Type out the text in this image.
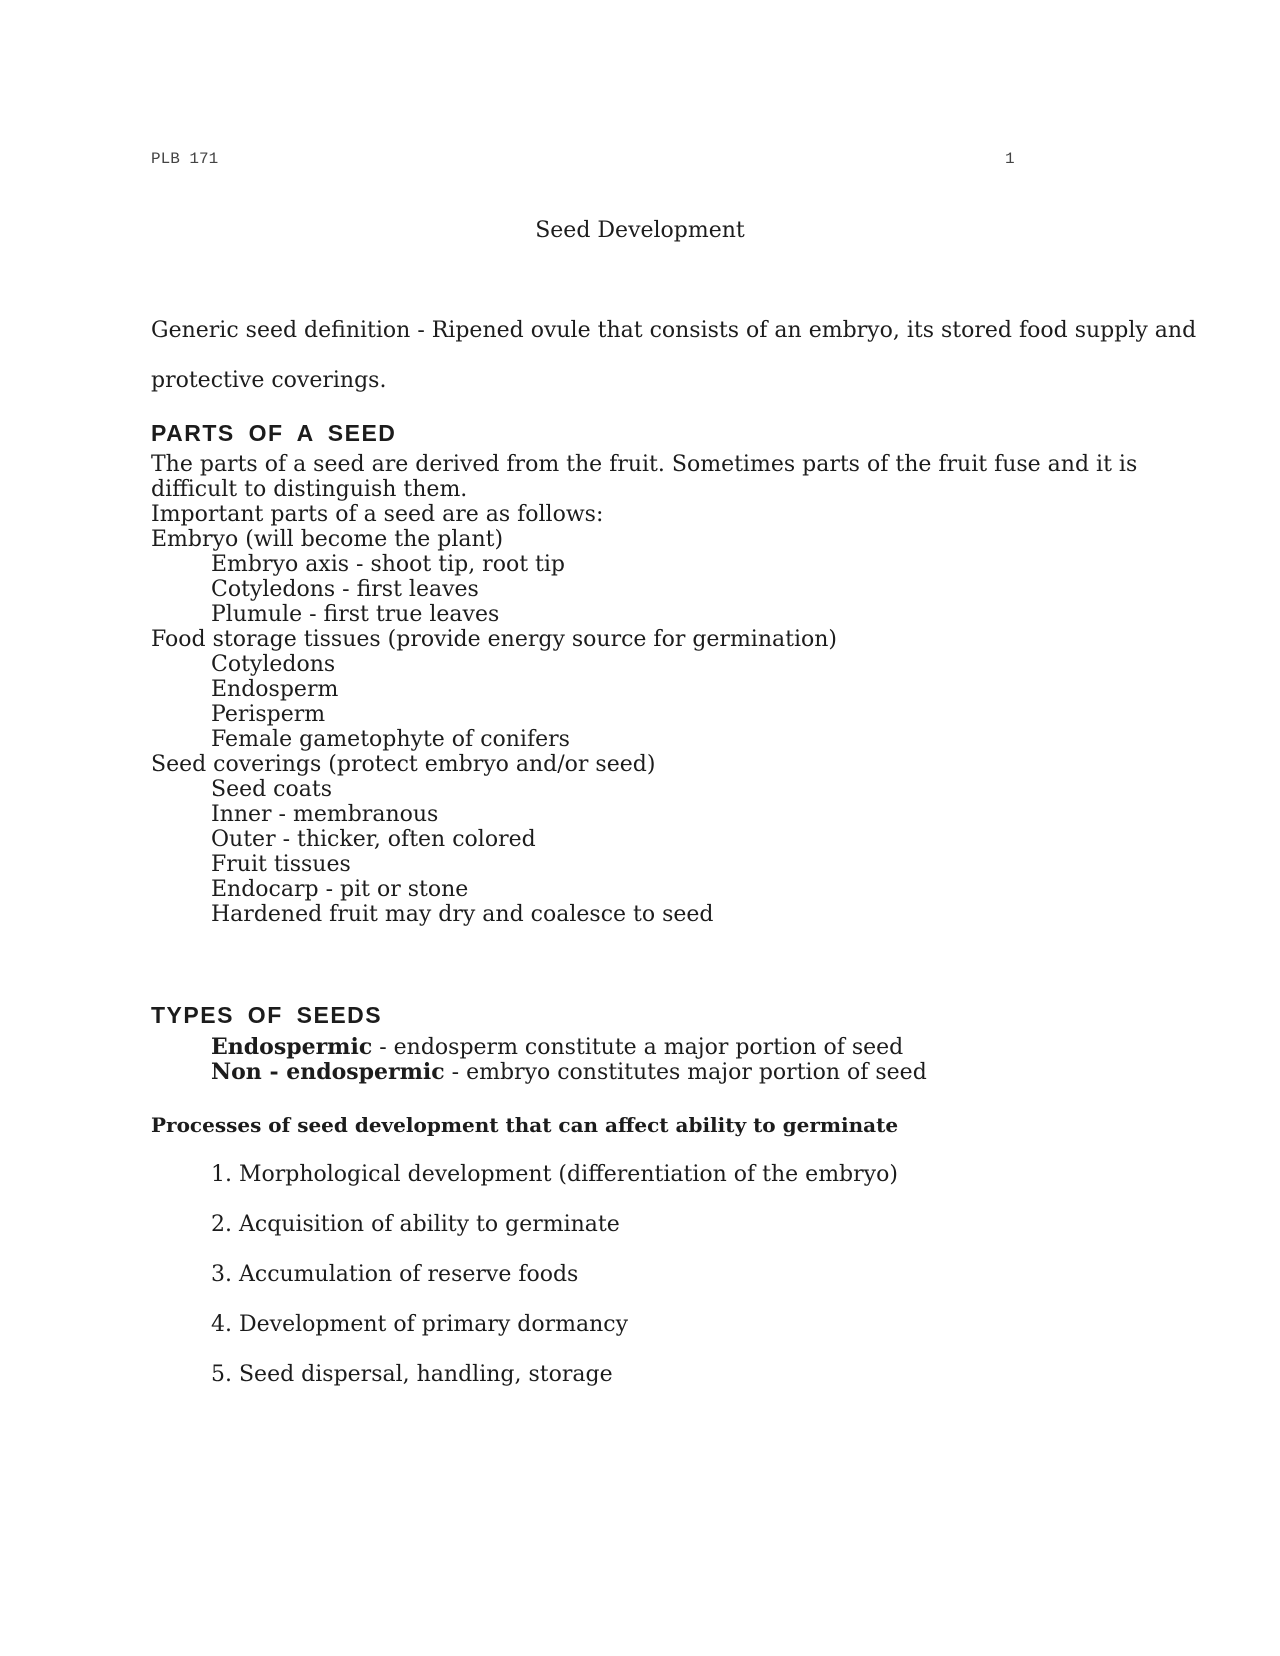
PLB 171	1
Seed Development
Generic seed definition - Ripened ovule that consists of an embryo, its stored food supply and
protective coverings.
PARTS OF A SEED
The parts of a seed are derived from the fruit. Sometimes parts of the fruit fuse and it is
difficult to distinguish them.
Important parts of a seed are as follows:
Embryo (will become the plant)
Embryo axis - shoot tip, root tip
Cotyledons - first leaves
Plumule - first true leaves
Food storage tissues (provide energy source for germination)
Cotyledons
Endosperm
Perisperm
Female gametophyte of conifers
Seed coverings (protect embryo and/or seed)
Seed coats
Inner - membranous
Outer - thicker, often colored
Fruit tissues
Endocarp - pit or stone
Hardened fruit may dry and coalesce to seed
TYPES OF SEEDS
Endospermic - endosperm constitute a major portion of seed
Non - endospermic - embryo constitutes major portion of seed
Processes of seed development that can affect ability to germinate
1. Morphological development (differentiation of the embryo)
2. Acquisition of ability to germinate
3. Accumulation of reserve foods
4. Development of primary dormancy
5. Seed dispersal, handling, storage
